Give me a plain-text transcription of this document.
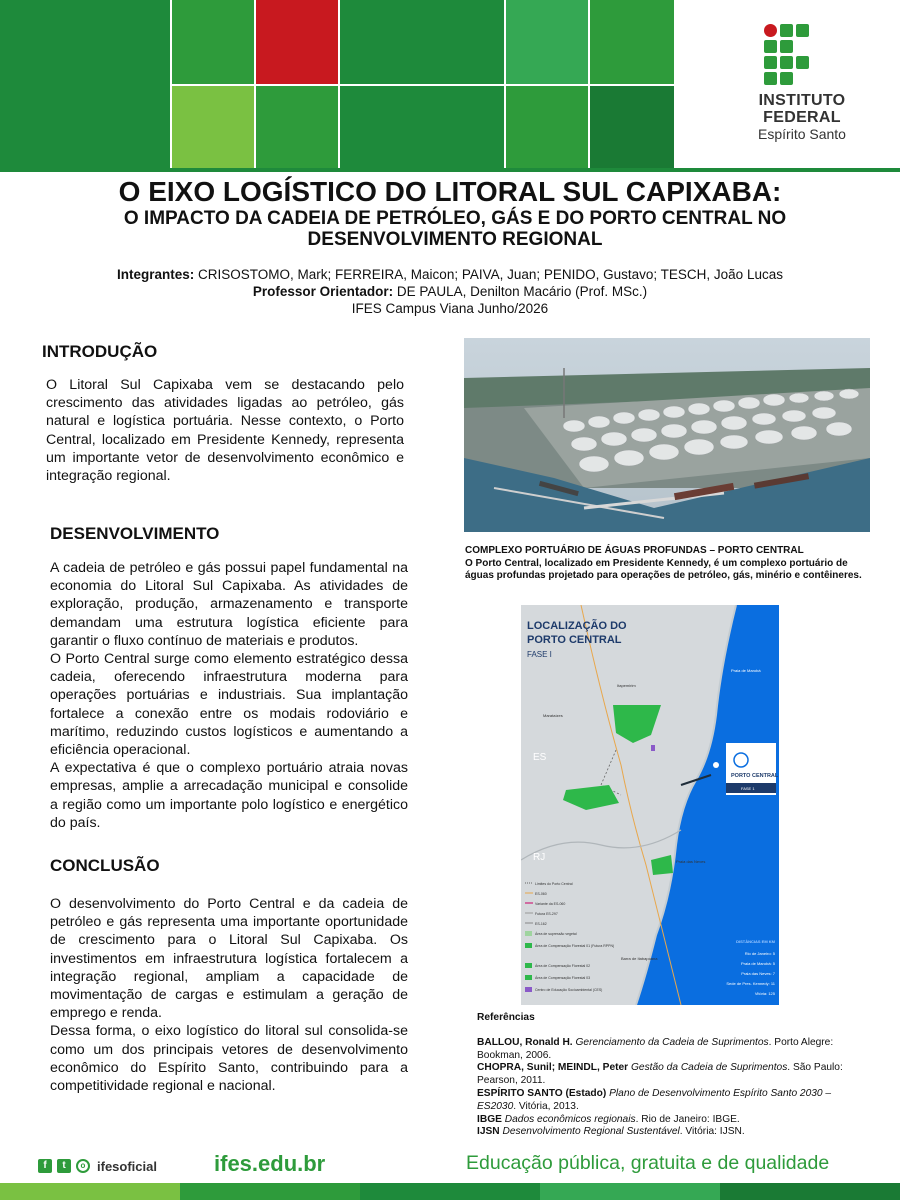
INSTITUTO
FEDERAL
Espírito Santo
O EIXO LOGÍSTICO DO LITORAL SUL CAPIXABA:
O IMPACTO DA CADEIA DE PETRÓLEO, GÁS E DO PORTO CENTRAL NO DESENVOLVIMENTO REGIONAL
Integrantes: CRISOSTOMO, Mark; FERREIRA, Maicon; PAIVA, Juan; PENIDO, Gustavo; TESCH, João Lucas
Professor Orientador: DE PAULA, Denilton Macário (Prof. MSc.)
IFES Campus Viana Junho/2026
INTRODUÇÃO

O Litoral Sul Capixaba vem se destacando pelo crescimento das atividades ligadas ao petróleo, gás natural e logística portuária. Nesse contexto, o Porto Central, localizado em Presidente Kennedy, representa um importante vetor de desenvolvimento econômico e integração regional.

DESENVOLVIMENTO

A cadeia de petróleo e gás possui papel fundamental na economia do Litoral Sul Capixaba. As atividades de exploração, produção, armazenamento e transporte demandam uma estrutura logística eficiente para garantir o fluxo contínuo de materiais e produtos.

O Porto Central surge como elemento estratégico dessa cadeia, oferecendo infraestrutura moderna para operações portuárias e industriais. Sua implantação fortalece a conexão entre os modais rodoviário e marítimo, reduzindo custos logísticos e aumentando a eficiência operacional.

A expectativa é que o complexo portuário atraia novas empresas, amplie a arrecadação municipal e consolide a região como um importante polo logístico e energético do país.

CONCLUSÃO

O desenvolvimento do Porto Central e da cadeia de petróleo e gás representa uma importante oportunidade de crescimento para o Litoral Sul Capixaba. Os investimentos em infraestrutura logística fortalecem a integração regional, ampliam a capacidade de movimentação de cargas e estimulam a geração de emprego e renda.

Dessa forma, o eixo logístico do litoral sul consolida-se como um dos principais vetores de desenvolvimento econômico do Espírito Santo, contribuindo para a competitividade regional e nacional.

COMPLEXO PORTUÁRIO DE ÁGUAS PROFUNDAS – PORTO CENTRAL
O Porto Central, localizado em Presidente Kennedy, é um complexo portuário de águas profundas projetado para operações de petróleo, gás, minério e contêineres.
LOCALIZAÇÃO DO
PORTO CENTRAL
FASE I
ES
RJ
Praia de Marobá
Itapemirim
Marataízes
Praia das Neves
Barra de Itabapoana
PORTO CENTRAL
FASE 1
Limites do Porto Central
ES-060
Variante da ES-060
Futura ES-297
ES-162
Área de supressão vegetal
Área de Compensação Florestal 01 (Futura RPPN)
Área de Compensação Florestal 02
Área de Compensação Florestal 03
Centro de Educação Socioambiental (CES)
DISTÂNCIAS EM KM
Rio de Janeiro: 5
Praia de Marobá: 5
Praia das Neves: 7
Sede de Pres. Kennedy: 11
Vitória: 125
Referências

BALLOU, Ronald H. Gerenciamento da Cadeia de Suprimentos. Porto Alegre: Bookman, 2006.

CHOPRA, Sunil; MEINDL, Peter Gestão da Cadeia de Suprimentos. São Paulo: Pearson, 2011.

ESPÍRITO SANTO (Estado) Plano de Desenvolvimento Espírito Santo 2030 – ES2030. Vitória, 2013.

IBGE Dados econômicos regionais. Rio de Janeiro: IBGE.

IJSN Desenvolvimento Regional Sustentável. Vitória: IJSN.

f	t	o ifesoficial	ifes.edu.br	Educação pública, gratuita e de qualidade
